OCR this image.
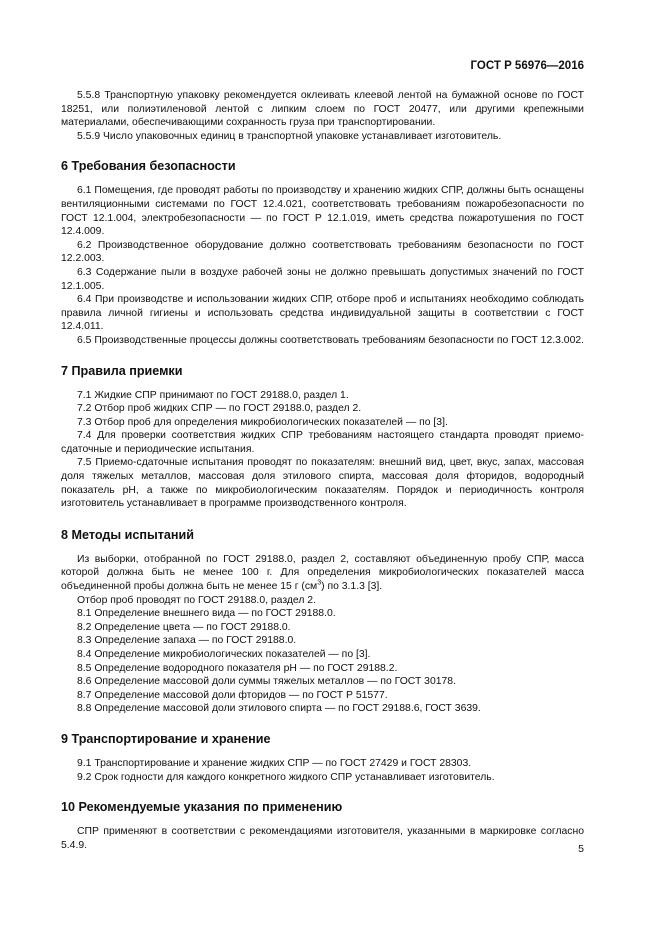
ГОСТ Р 56976—2016

5.5.8 Транспортную упаковку рекомендуется оклеивать клеевой лентой на бумажной основе по ГОСТ 18251, или полиэтиленовой лентой с липким слоем по ГОСТ 20477, или другими крепежными материалами, обеспечивающими сохранность груза при транспортировании.

5.5.9 Число упаковочных единиц в транспортной упаковке устанавливает изготовитель.

6 Требования безопасности

6.1 Помещения, где проводят работы по производству и хранению жидких СПР, должны быть оснащены вентиляционными системами по ГОСТ 12.4.021, соответствовать требованиям пожаробезопасности по ГОСТ 12.1.004, электробезопасности — по ГОСТ Р 12.1.019, иметь средства пожаротушения по ГОСТ 12.4.009.

6.2 Производственное оборудование должно соответствовать требованиям безопасности по ГОСТ 12.2.003.

6.3 Содержание пыли в воздухе рабочей зоны не должно превышать допустимых значений по ГОСТ 12.1.005.

6.4 При производстве и использовании жидких СПР, отборе проб и испытаниях необходимо соблюдать правила личной гигиены и использовать средства индивидуальной защиты в соответствии с ГОСТ 12.4.011.

6.5 Производственные процессы должны соответствовать требованиям безопасности по ГОСТ 12.3.002.

7 Правила приемки

7.1 Жидкие СПР принимают по ГОСТ 29188.0, раздел 1.

7.2 Отбор проб жидких СПР — по ГОСТ 29188.0, раздел 2.

7.3 Отбор проб для определения микробиологических показателей — по [3].

7.4 Для проверки соответствия жидких СПР требованиям настоящего стандарта проводят приемо-сдаточные и периодические испытания.

7.5 Приемо-сдаточные испытания проводят по показателям: внешний вид, цвет, вкус, запах, массовая доля тяжелых металлов, массовая доля этилового спирта, массовая доля фторидов, водородный показатель pH, а также по микробиологическим показателям. Порядок и периодичность контроля изготовитель устанавливает в программе производственного контроля.

8 Методы испытаний

Из выборки, отобранной по ГОСТ 29188.0, раздел 2, составляют объединенную пробу СПР, масса которой должна быть не менее 100 г. Для определения микробиологических показателей масса объединенной пробы должна быть не менее 15 г $(см^3)$ по 3.1.3 [3].

Отбор проб проводят по ГОСТ 29188.0, раздел 2.

8.1 Определение внешнего вида — по ГОСТ 29188.0.

8.2 Определение цвета — по ГОСТ 29188.0.

8.3 Определение запаха — по ГОСТ 29188.0.

8.4 Определение микробиологических показателей — по [3].

8.5 Определение водородного показателя pH — по ГОСТ 29188.2.

8.6 Определение массовой доли суммы тяжелых металлов — по ГОСТ 30178.

8.7 Определение массовой доли фторидов — по ГОСТ Р 51577.

8.8 Определение массовой доли этилового спирта — по ГОСТ 29188.6, ГОСТ 3639.

9 Транспортирование и хранение

9.1 Транспортирование и хранение жидких СПР — по ГОСТ 27429 и ГОСТ 28303.

9.2 Срок годности для каждого конкретного жидкого СПР устанавливает изготовитель.

10 Рекомендуемые указания по применению

СПР применяют в соответствии с рекомендациями изготовителя, указанными в маркировке согласно 5.4.9.	5
